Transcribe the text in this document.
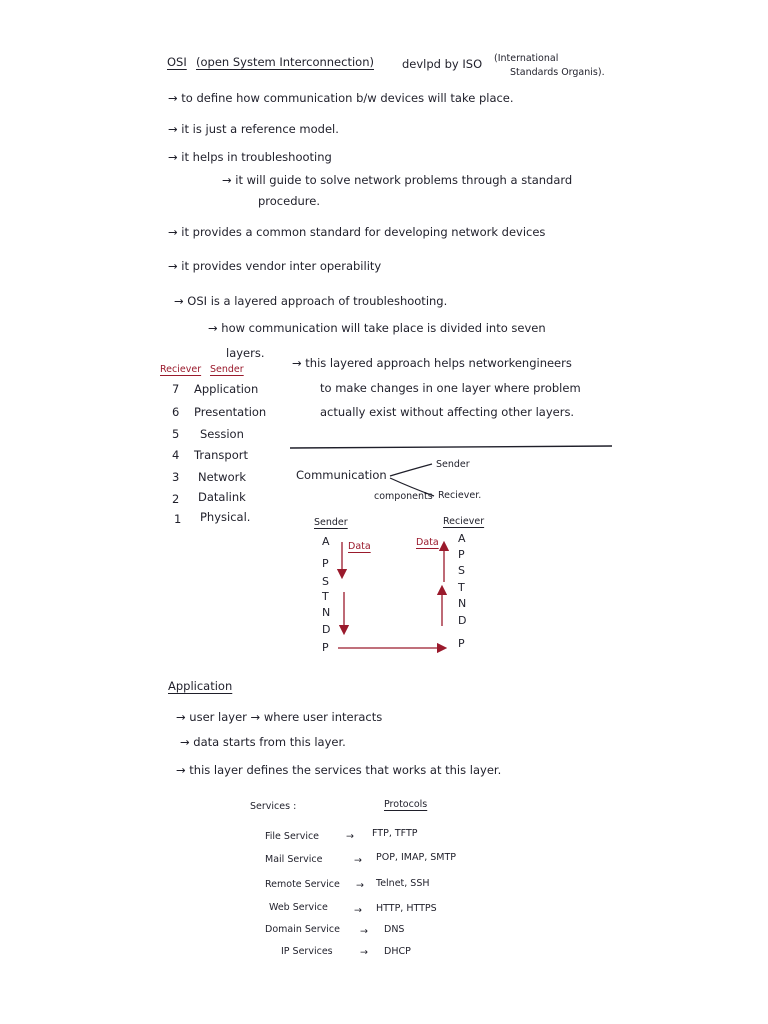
OSI (open System Interconnection) devlpd by ISO (International
Standards Organis).
→ to define how communication b/w devices will take place.
→ it is just a reference model.
→ it helps in troubleshooting
→ it will guide to solve network problems through a standard
procedure.
→ it provides a common standard for developing network devices
→ it provides vendor inter operability
→ OSI is a layered approach of troubleshooting.
→ how communication will take place is divided into seven
layers.
→ this layered approach helps networkengineers
to make changes in one layer where problem
actually exist without affecting other layers.
Reciever Sender
7 Application
6 Presentation
5 Session
4 Transport
3 Network
2 Datalink
1 Physical.
Communication
Sender
components Reciever.
Sender	Reciever
Data	Data
A
P
S
T
N
D
P
A
P
S
T
N
D
P
Application
→ user layer → where user interacts
→ data starts from this layer.
→ this layer defines the services that works at this layer.
Services :	Protocols
File Service	→ FTP, TFTP
Mail Service	→ POP, IMAP, SMTP
Remote Service → Telnet, SSH
Web Service	→ HTTP, HTTPS
Domain Service → DNS
IP Services	→ DHCP
